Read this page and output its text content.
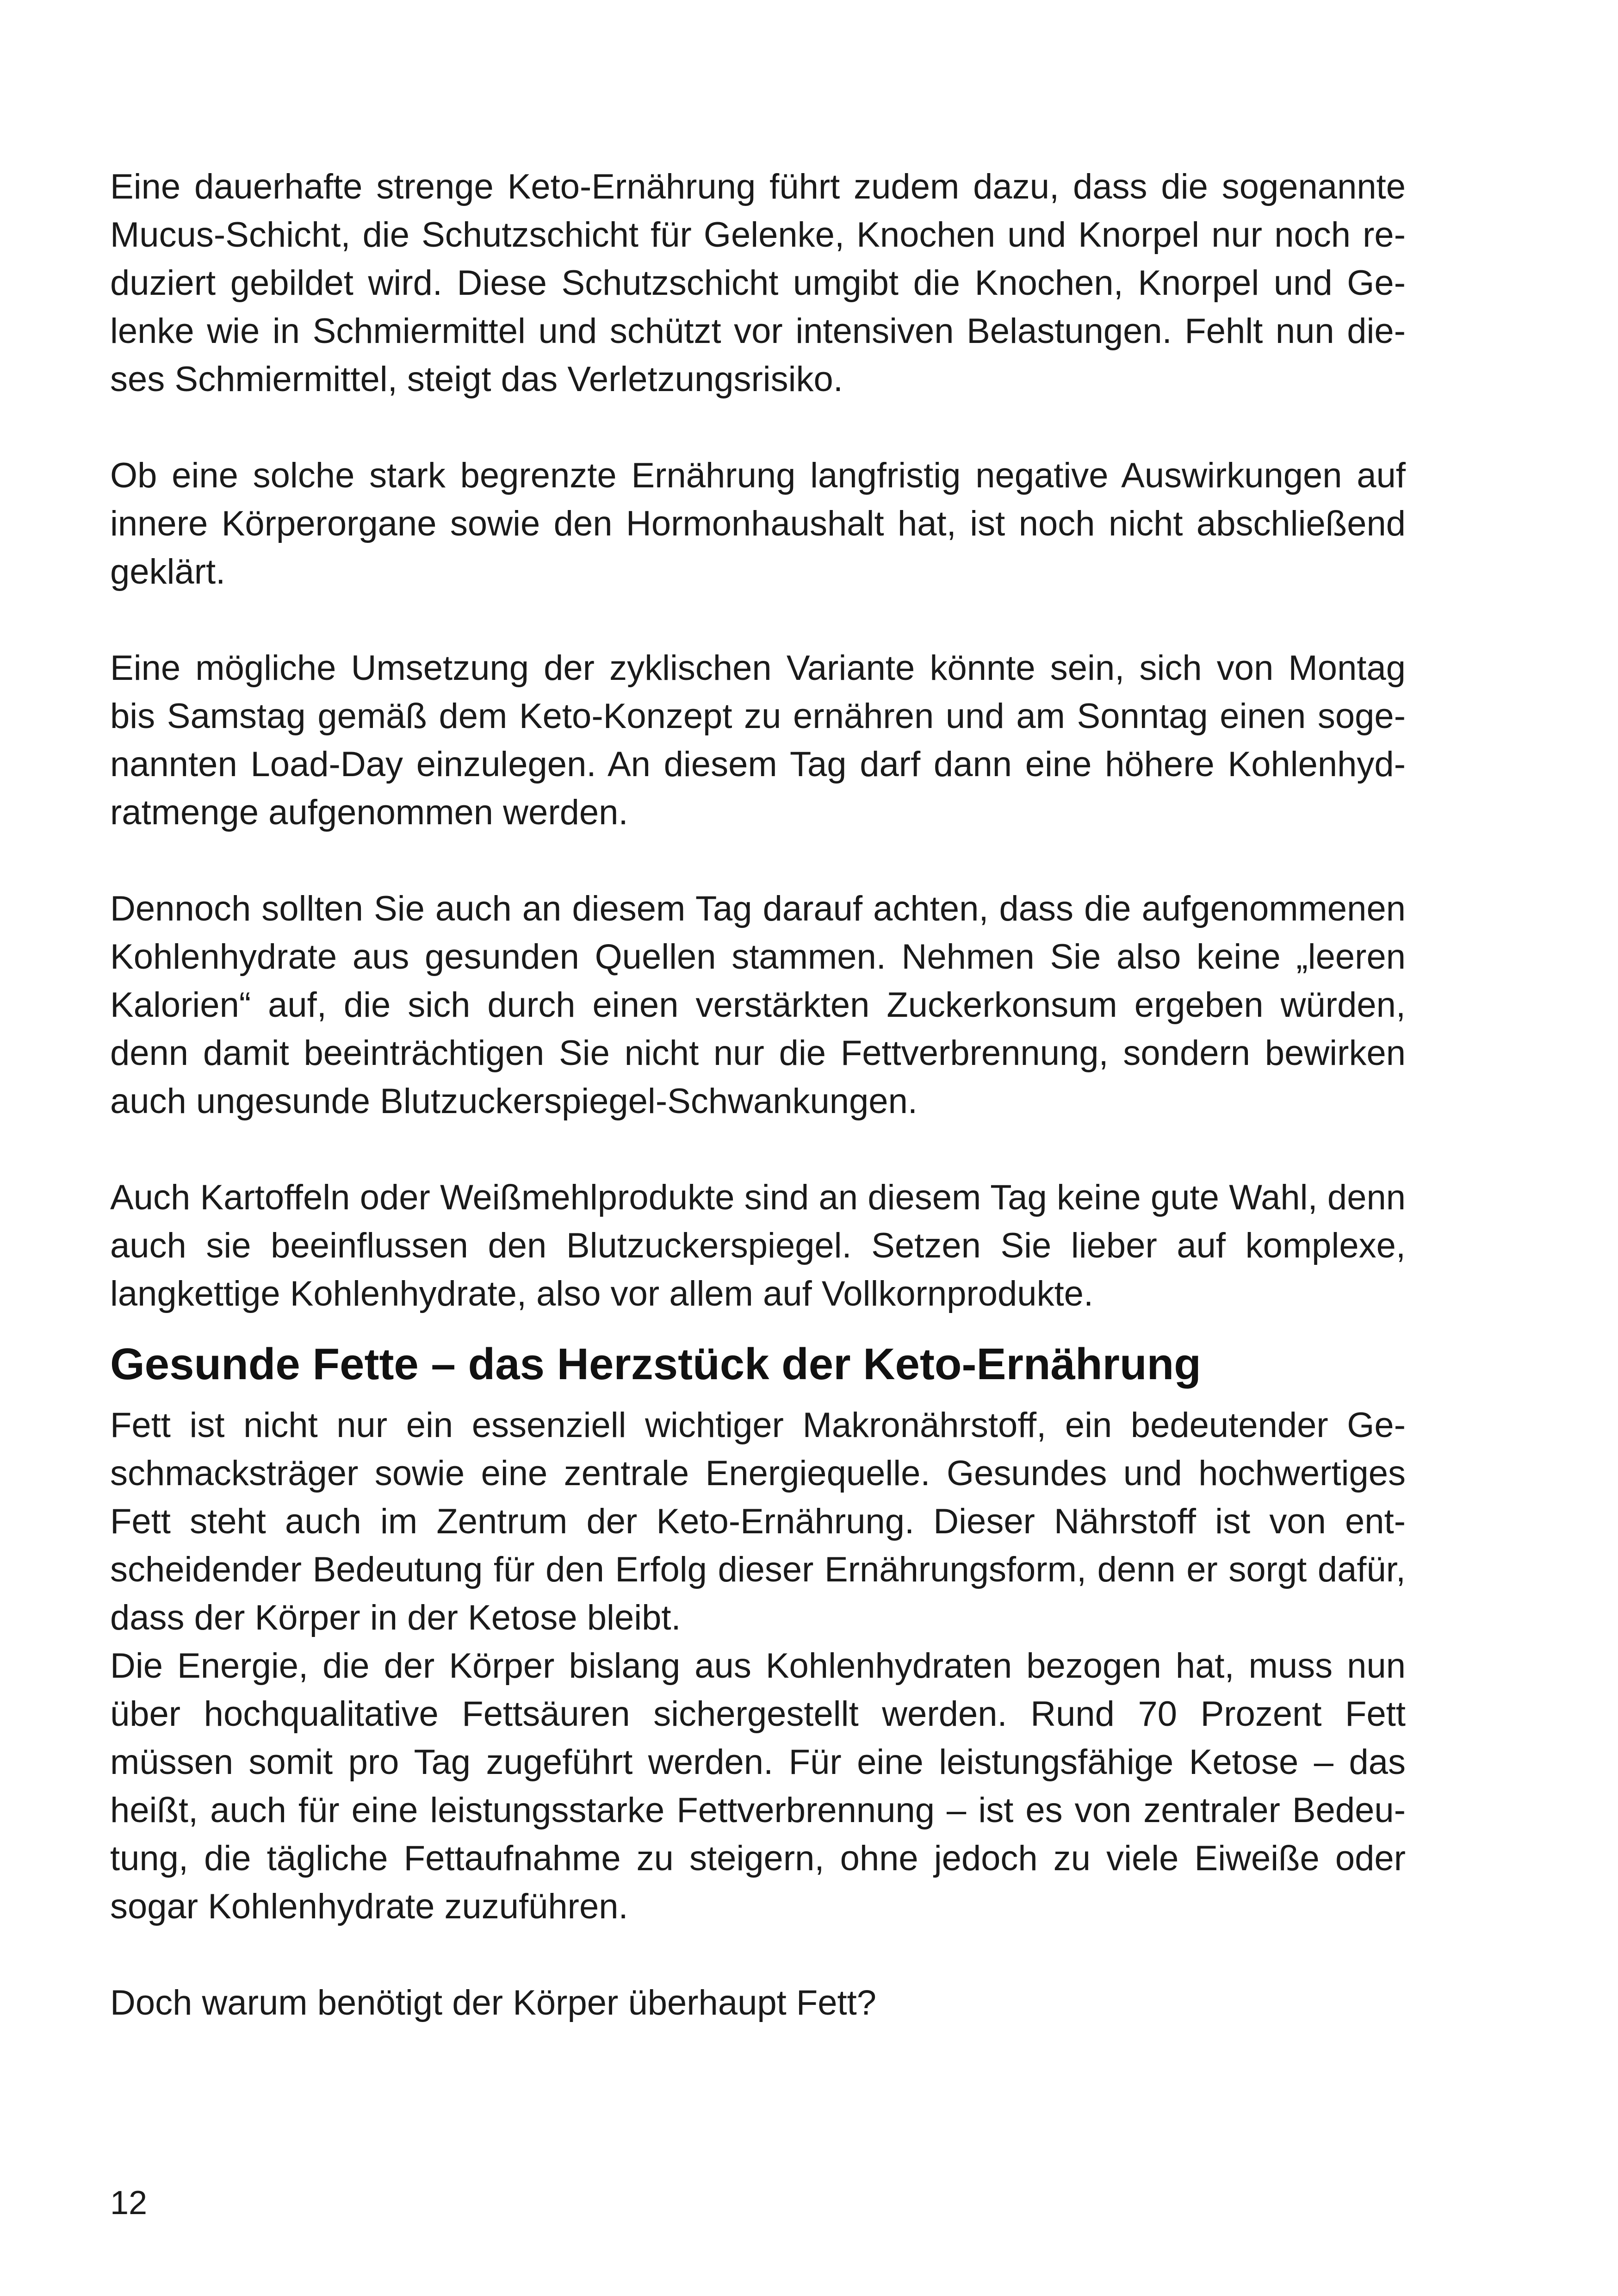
Eine dauerhafte strenge Keto-Ernährung führt zudem dazu, dass die sogenannte Mucus-Schicht, die Schutzschicht für Gelenke, Knochen und Knorpel nur noch reduziert gebildet wird. Diese Schutzschicht umgibt die Knochen, Knorpel und Gelenke wie in Schmiermittel und schützt vor intensiven Belastungen. Fehlt nun dieses Schmiermittel, steigt das Verletzungsrisiko.

Ob eine solche stark begrenzte Ernährung langfristig negative Auswirkungen auf innere Körperorgane sowie den Hormonhaushalt hat, ist noch nicht abschließend geklärt.

Eine mögliche Umsetzung der zyklischen Variante könnte sein, sich von Montag bis Samstag gemäß dem Keto-Konzept zu ernähren und am Sonntag einen sogenannten Load-Day einzulegen. An diesem Tag darf dann eine höhere Kohlenhydratmenge aufgenommen werden.

Dennoch sollten Sie auch an diesem Tag darauf achten, dass die aufgenommenen Kohlenhydrate aus gesunden Quellen stammen. Nehmen Sie also keine „leeren Kalorien“ auf, die sich durch einen verstärkten Zuckerkonsum ergeben würden, denn damit beeinträchtigen Sie nicht nur die Fettverbrennung, sondern bewirken auch ungesunde Blutzuckerspiegel-Schwankungen.

Auch Kartoffeln oder Weißmehlprodukte sind an diesem Tag keine gute Wahl, denn auch sie beeinflussen den Blutzuckerspiegel. Setzen Sie lieber auf komplexe, langkettige Kohlenhydrate, also vor allem auf Vollkornprodukte.

Gesunde Fette – das Herzstück der Keto-Ernährung

Fett ist nicht nur ein essenziell wichtiger Makronährstoff, ein bedeutender Geschmacksträger sowie eine zentrale Energiequelle. Gesundes und hochwertiges Fett steht auch im Zentrum der Keto-Ernährung. Dieser Nährstoff ist von entscheidender Bedeutung für den Erfolg dieser Ernährungsform, denn er sorgt dafür, dass der Körper in der Ketose bleibt.

Die Energie, die der Körper bislang aus Kohlenhydraten bezogen hat, muss nun über hochqualitative Fettsäuren sichergestellt werden. Rund 70 Prozent Fett müssen somit pro Tag zugeführt werden. Für eine leistungsfähige Ketose – das heißt, auch für eine leistungsstarke Fettverbrennung – ist es von zentraler Bedeutung, die tägliche Fettaufnahme zu steigern, ohne jedoch zu viele Eiweiße oder sogar Kohlenhydrate zuzuführen.

Doch warum benötigt der Körper überhaupt Fett?

12
